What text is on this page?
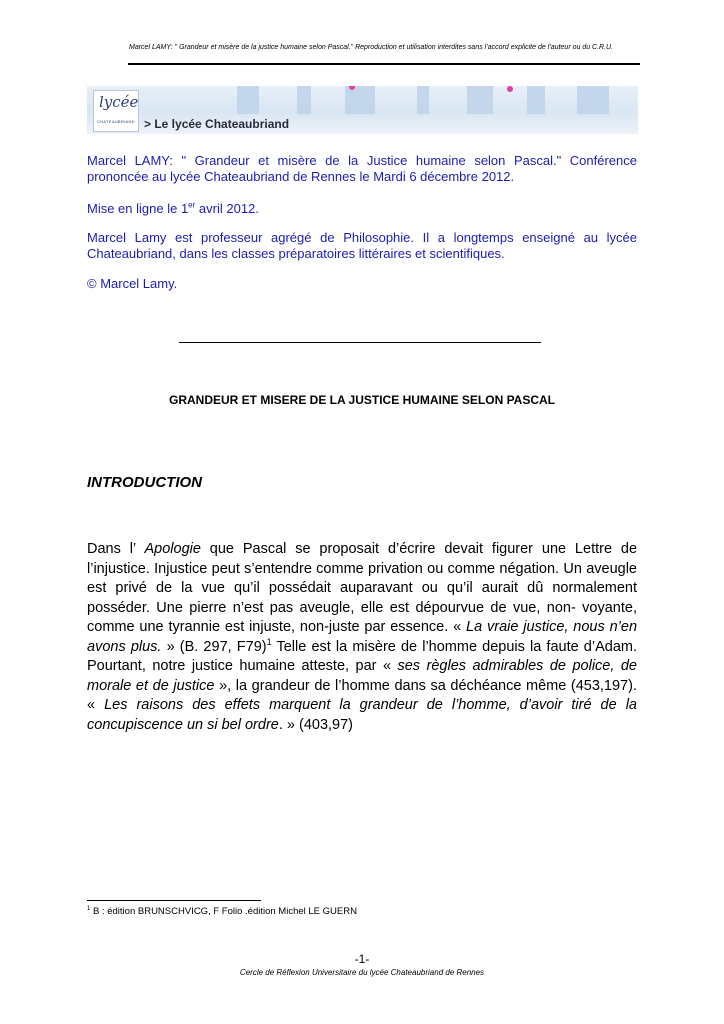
Marcel LAMY: " Grandeur et misère de la justice humaine selon Pascal." Reproduction et utilisation interdites sans l’accord explicite de l’auteur ou du C.R.U.
lycée
CHATEAUBRIAND > Le lycée Chateaubriand

Marcel LAMY: " Grandeur et misère de la Justice humaine selon Pascal." Conférence prononcée au lycée Chateaubriand de Rennes le Mardi 6 décembre 2012.

Mise en ligne le 1er avril 2012.

Marcel Lamy est professeur agrégé de Philosophie. Il a longtemps enseigné au lycée Chateaubriand, dans les classes préparatoires littéraires et scientifiques.

© Marcel Lamy.

GRANDEUR ET MISERE DE LA JUSTICE HUMAINE SELON PASCAL
INTRODUCTION

Dans l’ Apologie que Pascal se proposait d’écrire devait figurer une Lettre de l’injustice. Injustice peut s’entendre comme privation ou comme négation. Un aveugle est privé de la vue qu’il possédait auparavant ou qu’il aurait dû normalement posséder. Une pierre n’est pas aveugle, elle est dépourvue de vue, non- voyante, comme une tyrannie est injuste, non-juste par essence. « La vraie justice, nous n’en avons plus. » (B. 297, F79)$^1$ Telle est la misère de l’homme depuis la faute d’Adam. Pourtant, notre justice humaine atteste, par « ses règles admirables de police, de morale et de justice », la grandeur de l’homme dans sa déchéance même (453,197). « Les raisons des effets marquent la grandeur de l’homme, d’avoir tiré de la concupiscence un si bel ordre. » (403,97)

$^1$ B : édition BRUNSCHVICG, F Folio .édition Michel LE GUERN

-1-

Cercle de Réflexion Universitaire du lycée Chateaubriand de Rennes
